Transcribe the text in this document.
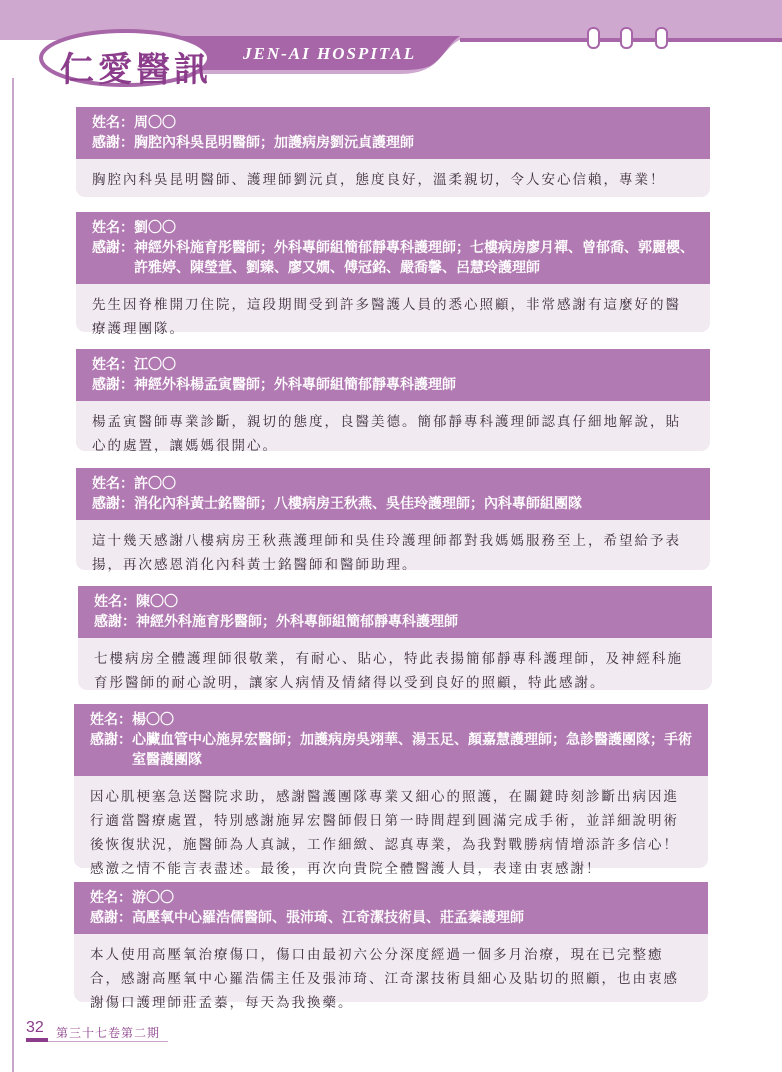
仁愛醫訊 JEN-AI HOSPITAL
姓名： 周〇〇
感謝： 胸腔內科吳昆明醫師；加護病房劉沅貞護理師
胸腔內科吳昆明醫師、護理師劉沅貞，態度良好，溫柔親切，令人安心信賴，專業！
姓名： 劉〇〇
感謝： 神經外科施育彤醫師；外科專師組簡郁靜專科護理師；七樓病房廖月禪、曾郁喬、郭麗櫻、許雅婷、陳瑩萱、劉臻、廖又嫺、傅冠銘、嚴喬馨、呂慧玲護理師
先生因脊椎開刀住院，這段期間受到許多醫護人員的悉心照顧，非常感謝有這麼好的醫療護理團隊。
姓名： 江〇〇
感謝： 神經外科楊孟寅醫師；外科專師組簡郁靜專科護理師
楊孟寅醫師專業診斷，親切的態度，良醫美德。簡郁靜專科護理師認真仔細地解說，貼心的處置，讓媽媽很開心。
姓名： 許〇〇
感謝： 消化內科黃士銘醫師；八樓病房王秋燕、吳佳玲護理師；內科專師組團隊
這十幾天感謝八樓病房王秋燕護理師和吳佳玲護理師都對我媽媽服務至上，希望給予表揚，再次感恩消化內科黃士銘醫師和醫師助理。
姓名： 陳〇〇
感謝： 神經外科施育彤醫師；外科專師組簡郁靜專科護理師
七樓病房全體護理師很敬業，有耐心、貼心，特此表揚簡郁靜專科護理師，及神經科施育彤醫師的耐心說明，讓家人病情及情緒得以受到良好的照顧，特此感謝。
姓名： 楊〇〇
感謝： 心臟血管中心施昇宏醫師；加護病房吳翊華、湯玉足、顏嘉慧護理師；急診醫護團隊；手術室醫護團隊
因心肌梗塞急送醫院求助，感謝醫護團隊專業又細心的照護，在關鍵時刻診斷出病因進行適當醫療處置，特別感謝施昇宏醫師假日第一時間趕到圓滿完成手術，並詳細說明術後恢復狀況，施醫師為人真誠，工作細緻、認真專業，為我對戰勝病情增添許多信心！感激之情不能言表盡述。最後，再次向貴院全體醫護人員，表達由衷感謝！
姓名： 游〇〇
感謝： 高壓氧中心羅浩儒醫師、張沛琦、江奇潔技術員、莊孟蓁護理師
本人使用高壓氧治療傷口，傷口由最初六公分深度經過一個多月治療，現在已完整癒合，感謝高壓氧中心羅浩儒主任及張沛琦、江奇潔技術員細心及貼切的照顧，也由衷感謝傷口護理師莊孟蓁，每天為我換藥。
32 第三十七卷第二期
